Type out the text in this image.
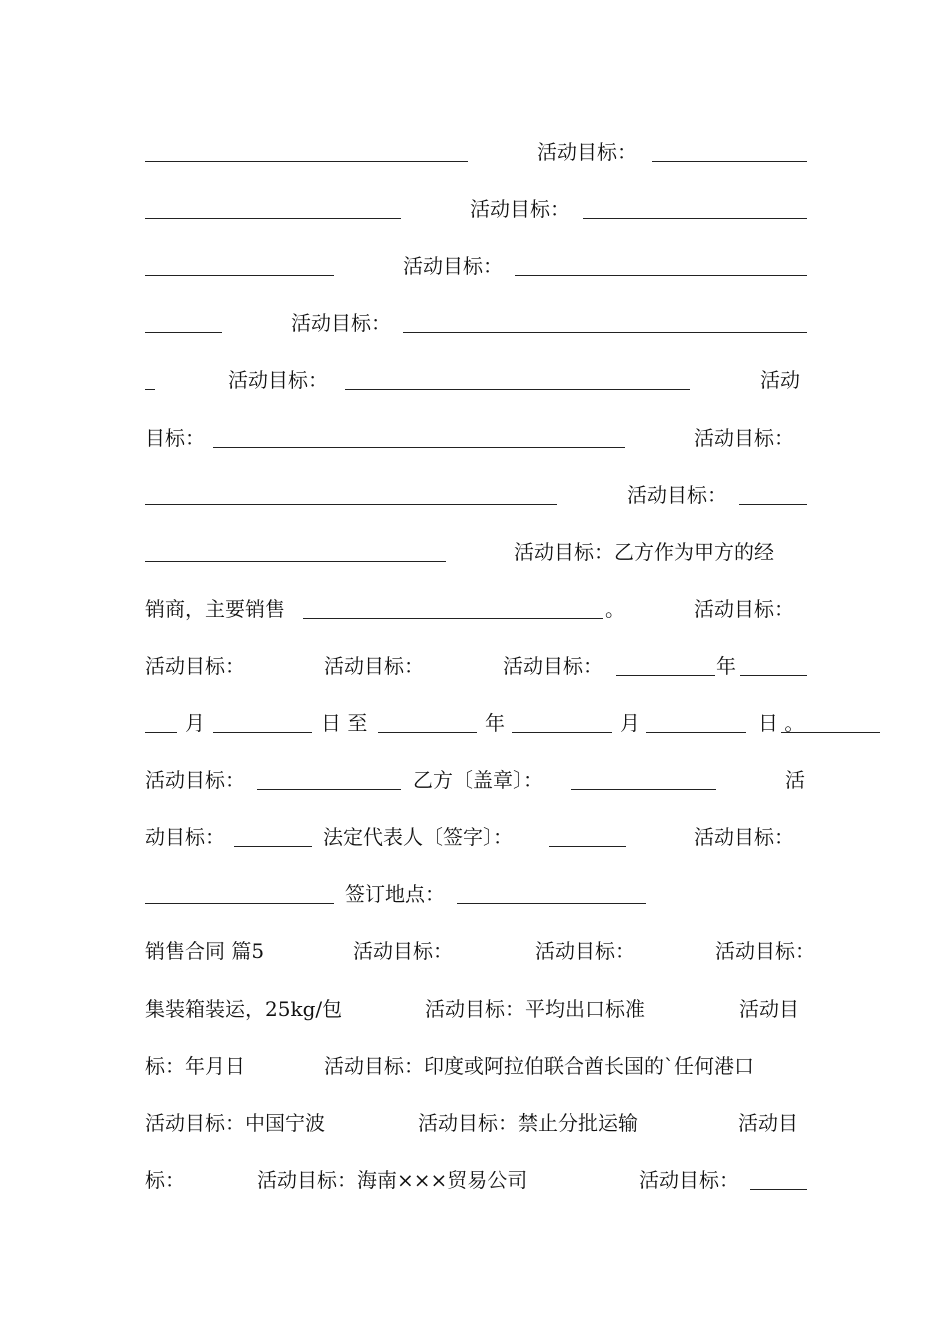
活动目标：
活动目标：
活动目标：
活动目标：
活动目标：	活动
目标：	活动目标：
活动目标：
活动目标：乙方作为甲方的经
销商，主要销售	。	活动目标：
活动目标：	活动目标：	活动目标：	年
月	日 至	年	月	日 。
活动目标：	乙方〔盖章〕：	活
动目标：	法定代表人〔签字〕：	活动目标：
签订地点：
销售合同 篇5	活动目标：	活动目标：	活动目标：
集装箱装运，25kg/包	活动目标：平均出口标准	活动目
标：年月日	活动目标：印度或阿拉伯联合酋长国的`任何港口
活动目标：中国宁波	活动目标：禁止分批运输	活动目
标：	活动目标：海南×××贸易公司	活动目标：
